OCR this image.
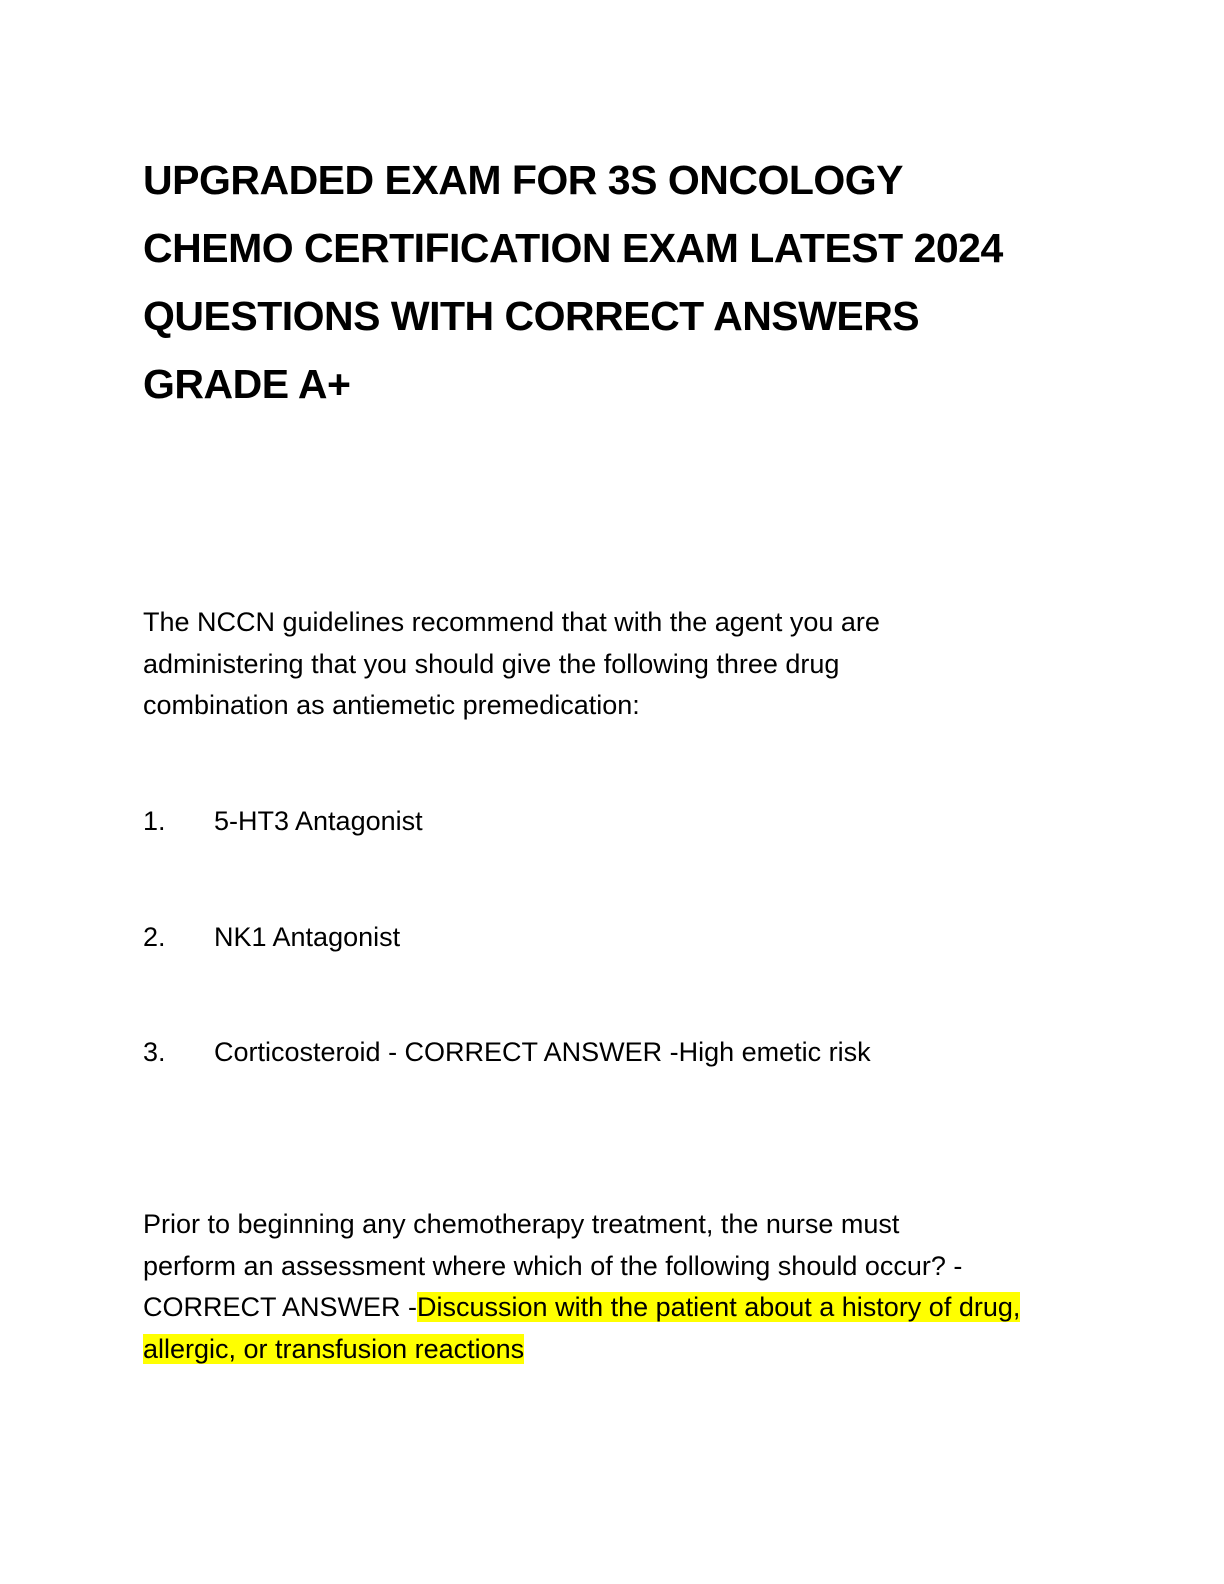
UPGRADED EXAM FOR 3S ONCOLOGY
CHEMO CERTIFICATION EXAM LATEST 2024
QUESTIONS WITH CORRECT ANSWERS
GRADE A+

The NCCN guidelines recommend that with the agent you are
administering that you should give the following three drug
combination as antiemetic premedication:

1. 5-HT3 Antagonist
2. NK1 Antagonist
3. Corticosteroid - CORRECT ANSWER -High emetic risk

Prior to beginning any chemotherapy treatment, the nurse must
perform an assessment where which of the following should occur? -
CORRECT ANSWER -Discussion with the patient about a history of drug,
allergic, or transfusion reactions
